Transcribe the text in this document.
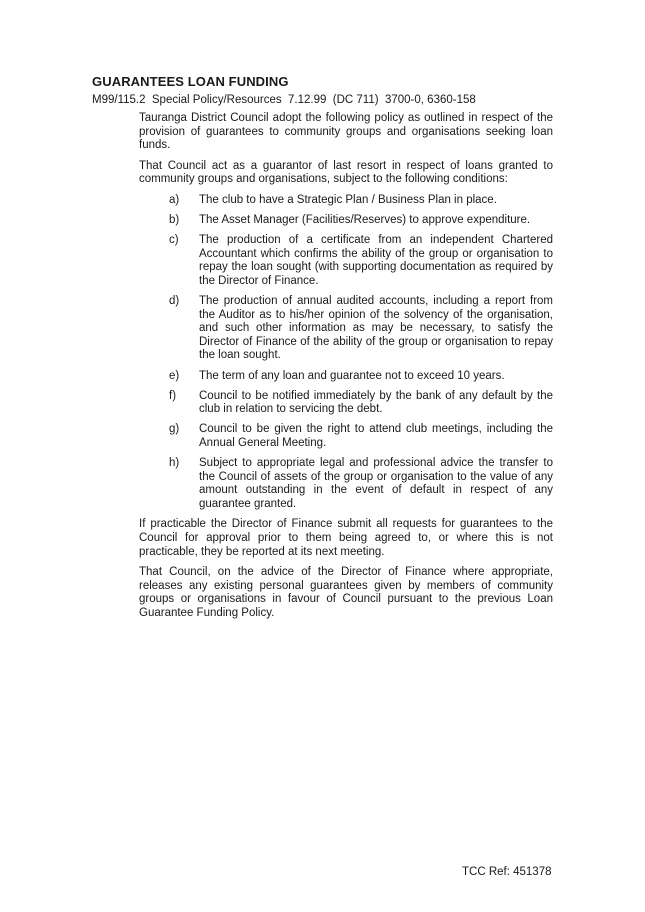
GUARANTEES LOAN FUNDING
M99/115.2  Special Policy/Resources  7.12.99  (DC 711)  3700-0, 6360-158

Tauranga District Council adopt the following policy as outlined in respect of the provision of guarantees to community groups and organisations seeking loan funds.

That Council act as a guarantor of last resort in respect of loans granted to community groups and organisations, subject to the following conditions:

a)	The club to have a Strategic Plan / Business Plan in place.
b)	The Asset Manager (Facilities/Reserves) to approve expenditure.
c)	The production of a certificate from an independent Chartered Accountant which confirms the ability of the group or organisation to repay the loan sought (with supporting documentation as required by the Director of Finance.
d)	The production of annual audited accounts, including a report from the Auditor as to his/her opinion of the solvency of the organisation, and such other information as may be necessary, to satisfy the Director of Finance of the ability of the group or organisation to repay the loan sought.
e)	The term of any loan and guarantee not to exceed 10 years.
f)	Council to be notified immediately by the bank of any default by the club in relation to servicing the debt.
g)	Council to be given the right to attend club meetings, including the Annual General Meeting.
h)	Subject to appropriate legal and professional advice the transfer to the Council of assets of the group or organisation to the value of any amount outstanding in the event of default in respect of any guarantee granted.

If practicable the Director of Finance submit all requests for guarantees to the Council for approval prior to them being agreed to, or where this is not practicable, they be reported at its next meeting.

That Council, on the advice of the Director of Finance where appropriate, releases any existing personal guarantees given by members of community groups or organisations in favour of Council pursuant to the previous Loan Guarantee Funding Policy.

TCC Ref: 451378
